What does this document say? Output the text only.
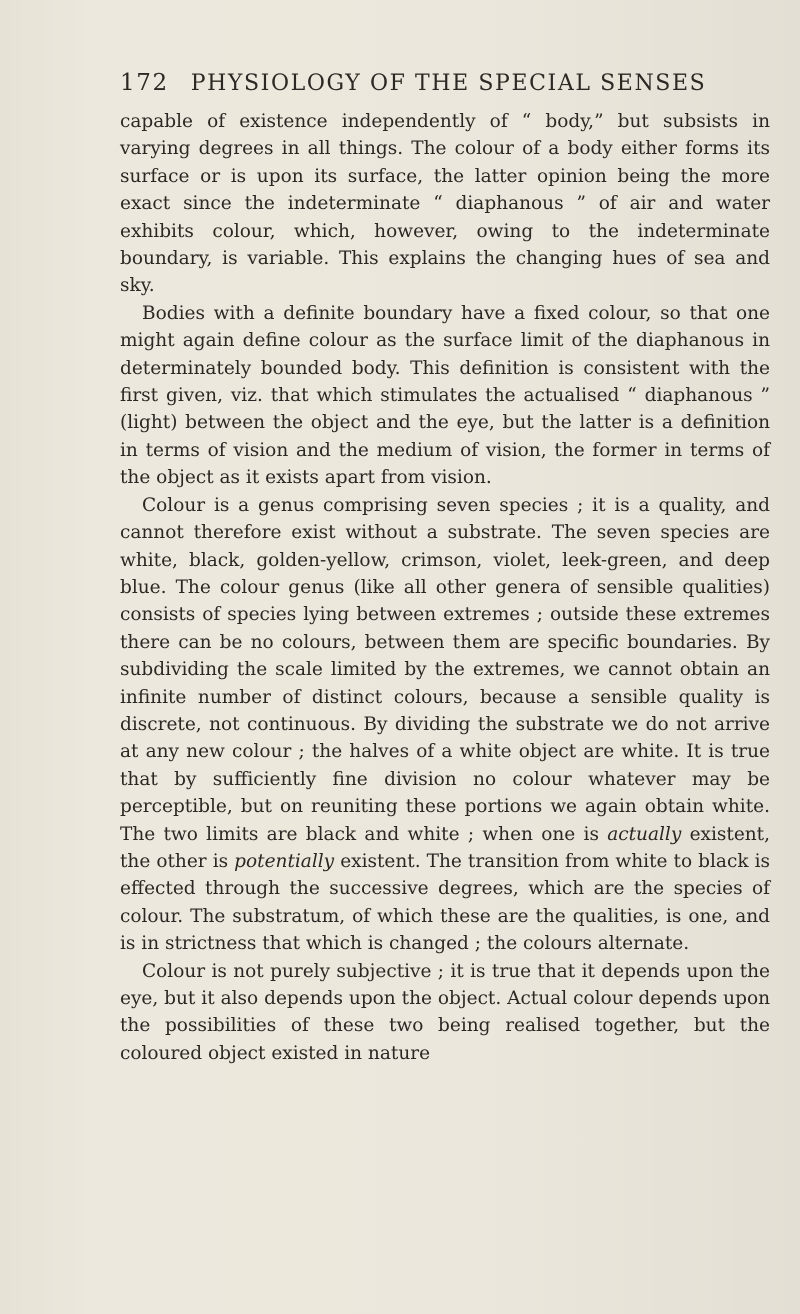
172 PHYSIOLOGY OF THE SPECIAL SENSES

capable of existence independently of “ body,” but subsists in varying degrees in all things. The colour of a body either forms its surface or is upon its surface, the latter opinion being the more exact since the indeterminate “ diaphanous ” of air and water exhibits colour, which, however, owing to the indeterminate boundary, is variable. This explains the changing hues of sea and sky.

Bodies with a definite boundary have a fixed colour, so that one might again define colour as the surface limit of the diaphanous in determinately bounded body. This definition is consistent with the first given, viz. that which stimulates the actualised “ diaphanous ” (light) between the object and the eye, but the latter is a definition in terms of vision and the medium of vision, the former in terms of the object as it exists apart from vision.

Colour is a genus comprising seven species ; it is a quality, and cannot therefore exist without a substrate. The seven species are white, black, golden-yellow, crimson, violet, leek-green, and deep blue. The colour genus (like all other genera of sensible qualities) consists of species lying between extremes ; outside these extremes there can be no colours, between them are specific boundaries. By subdividing the scale limited by the extremes, we cannot obtain an infinite number of distinct colours, because a sensible quality is discrete, not continuous. By dividing the substrate we do not arrive at any new colour ; the halves of a white object are white. It is true that by sufficiently fine division no colour whatever may be perceptible, but on reuniting these portions we again obtain white. The two limits are black and white ; when one is actually existent, the other is potentially existent. The transition from white to black is effected through the successive degrees, which are the species of colour. The substratum, of which these are the qualities, is one, and is in strictness that which is changed ; the colours alternate.

Colour is not purely subjective ; it is true that it depends upon the eye, but it also depends upon the object. Actual colour depends upon the possibilities of these two being realised together, but the coloured object existed in nature
